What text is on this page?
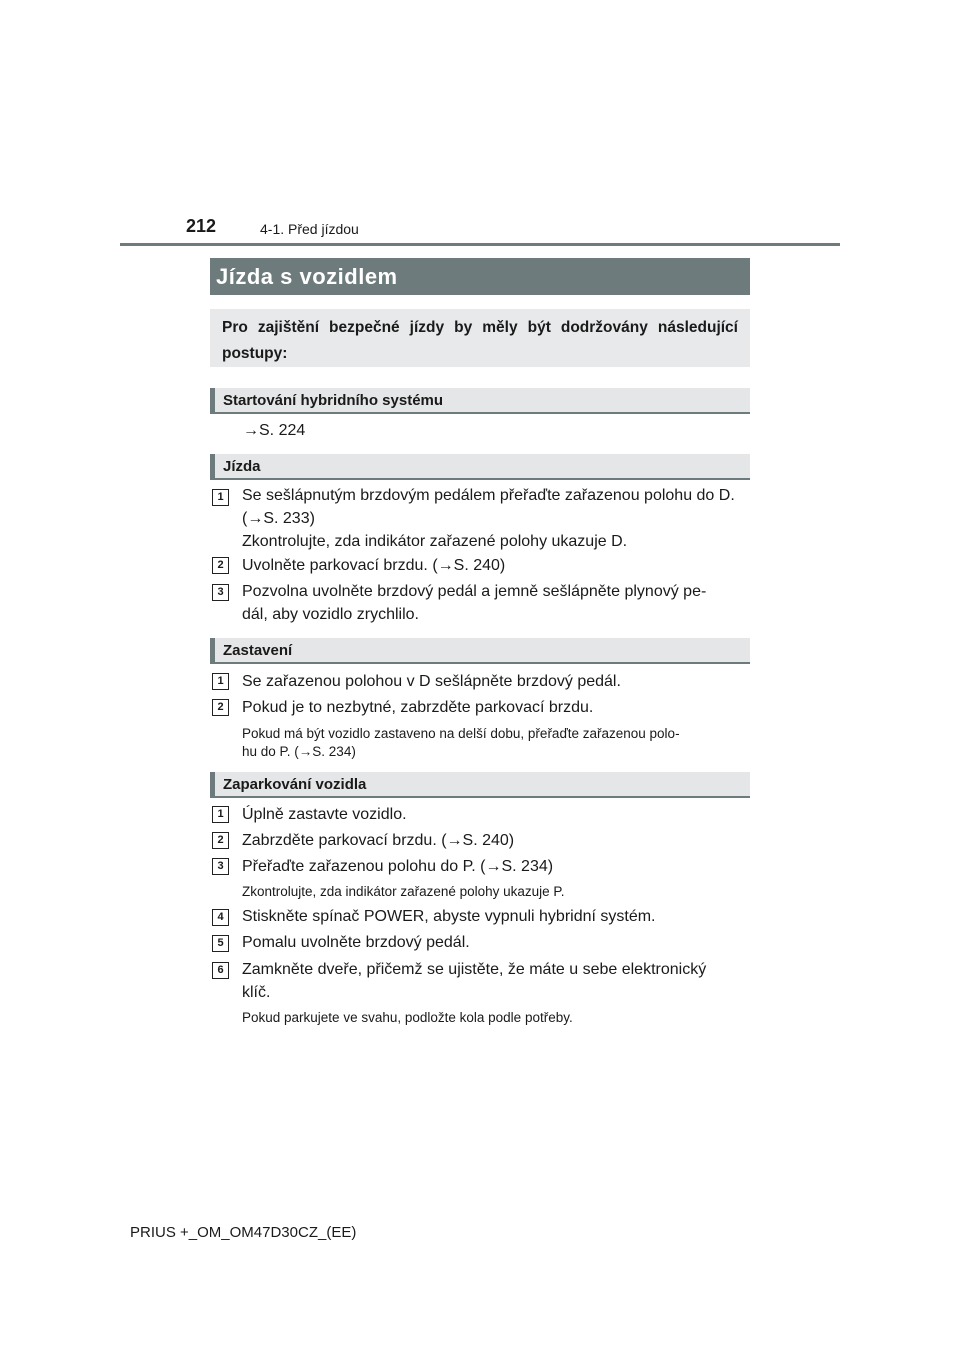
212	4-1. Před jízdou
Jízda s vozidlem
Pro zajištění bezpečné jízdy by měly být dodržovány následující postupy:
Startování hybridního systému
→S. 224
Jízda
1	Se sešlápnutým brzdovým pedálem přeřaďte zařazenou polohu do D.
(→S. 233)
Zkontrolujte, zda indikátor zařazené polohy ukazuje D.
2	Uvolněte parkovací brzdu. (→S. 240)
3	Pozvolna uvolněte brzdový pedál a jemně sešlápněte plynový pe-
dál, aby vozidlo zrychlilo.
Zastavení
1	Se zařazenou polohou v D sešlápněte brzdový pedál.
2	Pokud je to nezbytné, zabrzděte parkovací brzdu.
Pokud má být vozidlo zastaveno na delší dobu, přeřaďte zařazenou polo-
hu do P. (→S. 234)
Zaparkování vozidla
1	Úplně zastavte vozidlo.
2	Zabrzděte parkovací brzdu. (→S. 240)
3	Přeřaďte zařazenou polohu do P. (→S. 234)
Zkontrolujte, zda indikátor zařazené polohy ukazuje P.
4	Stiskněte spínač POWER, abyste vypnuli hybridní systém.
5	Pomalu uvolněte brzdový pedál.
6	Zamkněte dveře, přičemž se ujistěte, že máte u sebe elektronický
klíč.
Pokud parkujete ve svahu, podložte kola podle potřeby.
PRIUS +_OM_OM47D30CZ_(EE)
